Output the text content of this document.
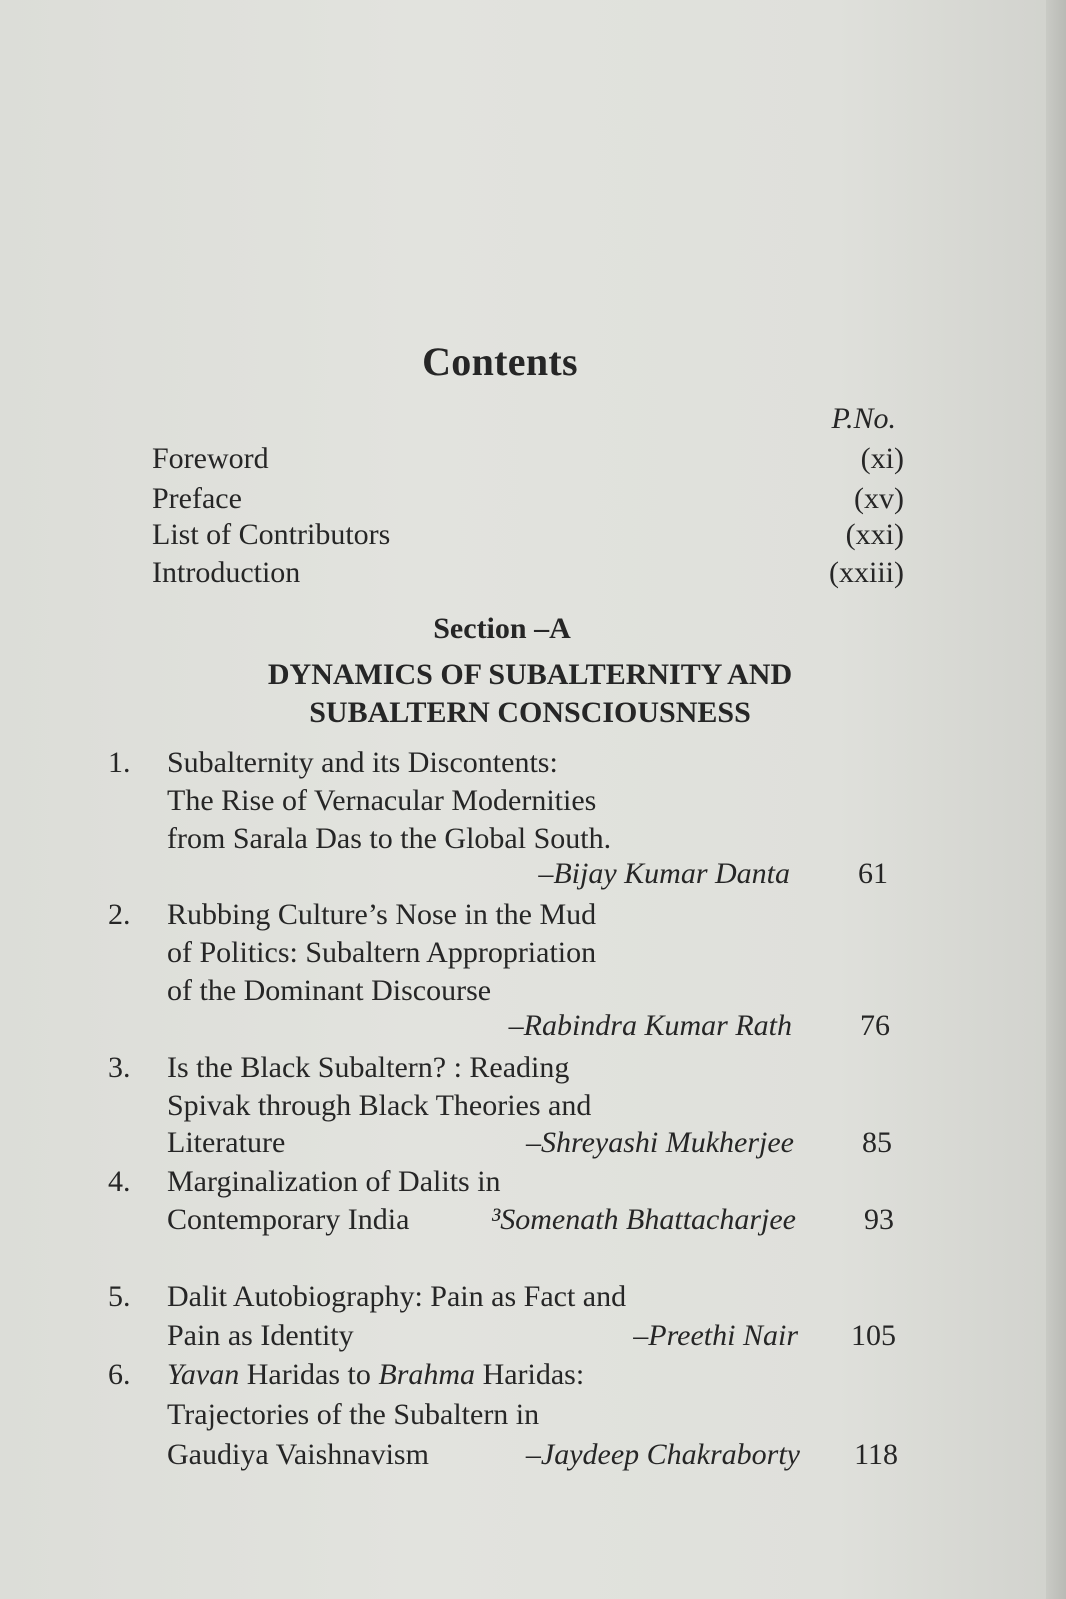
Contents
P.No.
Foreword	(xi)
Preface	(xv)
List of Contributors	(xxi)
Introduction	(xxiii)
Section –A
DYNAMICS OF SUBALTERNITY AND
SUBALTERN CONSCIOUSNESS
1. Subalternity and its Discontents:
The Rise of Vernacular Modernities
from Sarala Das to the Global South.
–Bijay Kumar Danta	61
2. Rubbing Culture’s Nose in the Mud
of Politics: Subaltern Appropriation
of the Dominant Discourse
–Rabindra Kumar Rath	76
3. Is the Black Subaltern? : Reading
Spivak through Black Theories and
Literature	–Shreyashi Mukherjee	85
4. Marginalization of Dalits in
Contemporary India	³Somenath Bhattacharjee	93
5. Dalit Autobiography: Pain as Fact and
Pain as Identity	–Preethi Nair	105
6. Yavan Haridas to Brahma Haridas:
Trajectories of the Subaltern in
Gaudiya Vaishnavism	–Jaydeep Chakraborty	118
